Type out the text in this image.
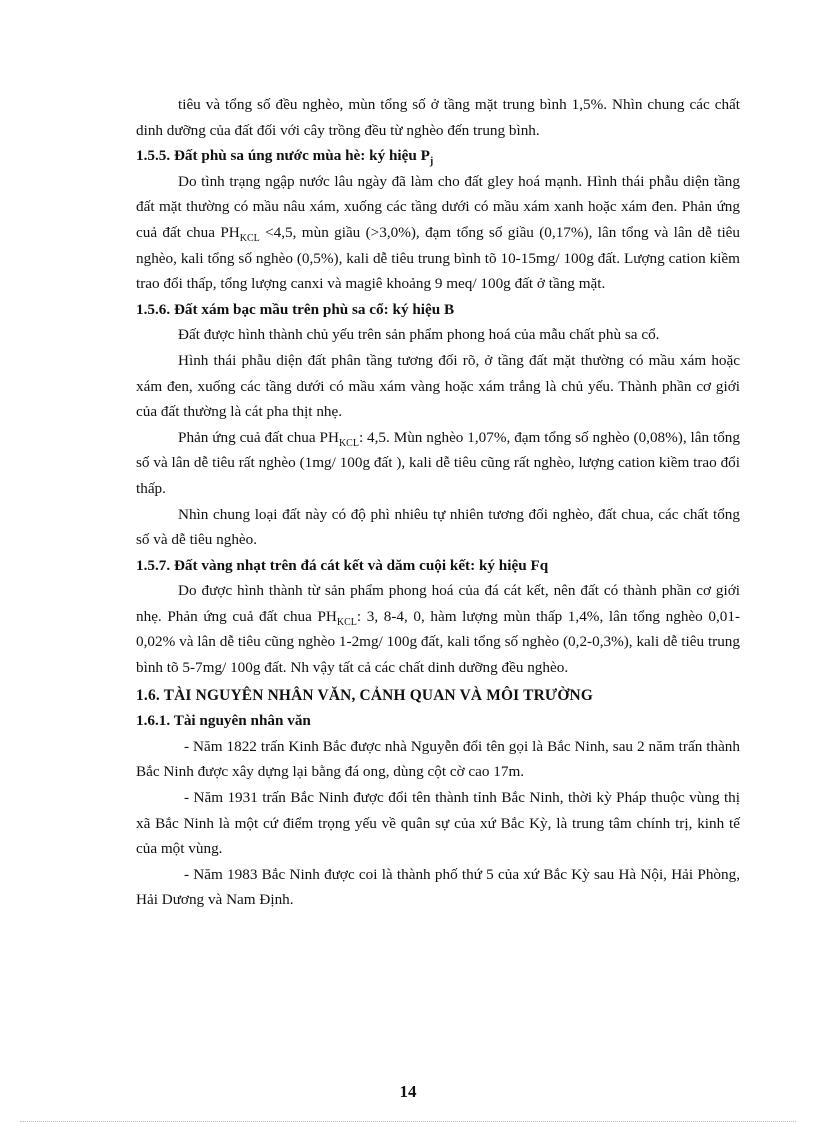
tiêu và tổng số đều nghèo, mùn tổng số ở tầng mặt trung bình 1,5%. Nhìn chung các chất dinh dưỡng của đất đối với cây trồng đều từ nghèo đến trung bình.

1.5.5. Đất phù sa úng nước mùa hè: ký hiệu $P_j$

Do tình trạng ngập nước lâu ngày đã làm cho đất gley hoá mạnh. Hình thái phẫu diện tầng đất mặt thường có mầu nâu xám, xuống các tầng dưới có mầu xám xanh hoặc xám đen. Phản ứng cuả đất chua $PH_{KCL} <4,5$, mùn giầu (>3,0%), đạm tổng số giầu (0,17%), lân tổng và lân dễ tiêu nghèo, kali tổng số nghèo (0,5%), kali dễ tiêu trung bình tõ 10-15mg/ 100g đất. Lượng cation kiềm trao đổi thấp, tổng lượng canxi và magiê khoảng 9 meq/ 100g đất ở tầng mặt.

1.5.6. Đất xám bạc mầu trên phù sa cổ: ký hiệu B

Đất được hình thành chủ yếu trên sản phẩm phong hoá của mẫu chất phù sa cổ.

Hình thái phẫu diện đất phân tầng tương đối rõ, ở tầng đất mặt thường có mầu xám hoặc xám đen, xuống các tầng dưới có mầu xám vàng hoặc xám trắng là chủ yếu. Thành phần cơ giới của đất thường là cát pha thịt nhẹ.

Phản ứng cuả đất chua $PH_{KCL}$: 4,5. Mùn nghèo 1,07%, đạm tổng số nghèo (0,08%), lân tổng số và lân dễ tiêu rất nghèo (1mg/ 100g đất ), kali dễ tiêu cũng rất nghèo, lượng cation kiềm trao đổi thấp.

Nhìn chung loại đất này có độ phì nhiêu tự nhiên tương đối nghèo, đất chua, các chất tổng số và dễ tiêu nghèo.

1.5.7. Đất vàng nhạt trên đá cát kết và dăm cuội kết: ký hiệu Fq

Do được hình thành từ sản phẩm phong hoá của đá cát kết, nên đất có thành phần cơ giới nhẹ. Phản ứng cuả đất chua $PH_{KCL}$: 3, 8-4, 0, hàm lượng mùn thấp 1,4%, lân tổng nghèo 0,01-0,02% và lân dễ tiêu cũng nghèo 1-2mg/ 100g đất, kali tổng số nghèo (0,2-0,3%), kali dễ tiêu trung bình tõ 5-7mg/ 100g đất. Nh vậy tất cả các chất dinh dưỡng đều nghèo.

1.6. TÀI NGUYÊN NHÂN VĂN, CẢNH QUAN VÀ MÔI TRƯỜNG
1.6.1. Tài nguyên nhân văn

- Năm 1822 trấn Kinh Bắc được nhà Nguyễn đổi tên gọi là Bắc Ninh, sau 2 năm trấn thành Bắc Ninh được xây dựng lại bằng đá ong, dùng cột cờ cao 17m.

- Năm 1931 trấn Bắc Ninh được đổi tên thành tỉnh Bắc Ninh, thời kỳ Pháp thuộc vùng thị xã Bắc Ninh là một cứ điểm trọng yếu về quân sự của xứ Bắc Kỳ, là trung tâm chính trị, kinh tế của một vùng.

- Năm 1983 Bắc Ninh được coi là thành phố thứ 5 của xứ Bắc Kỳ sau Hà Nội, Hải Phòng, Hải Dương và Nam Định.

14
